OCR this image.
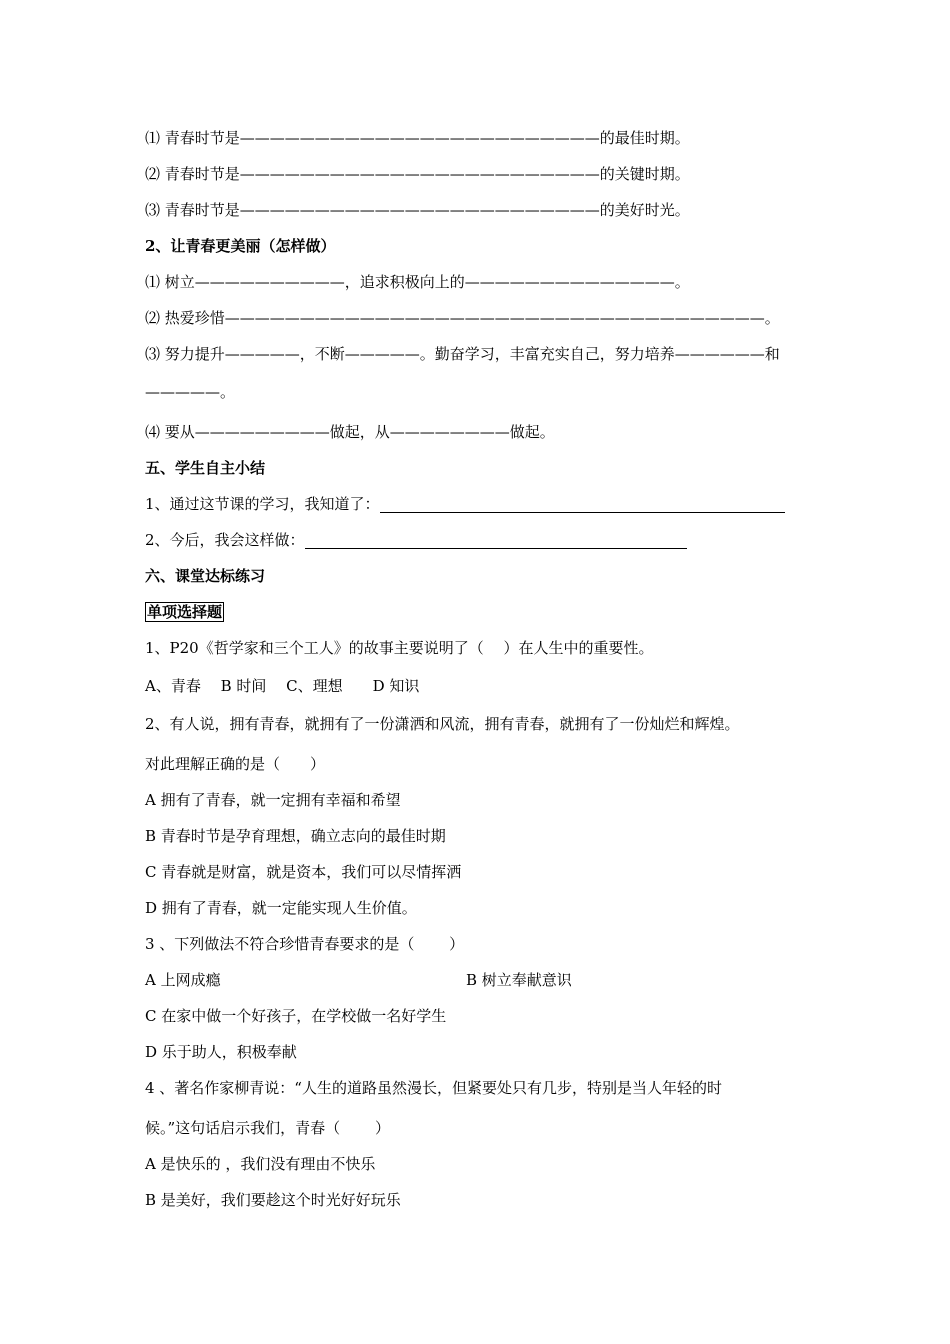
⑴ 青春时节是————————————————————————的最佳时期。
⑵ 青春时节是————————————————————————的关键时期。
⑶ 青春时节是————————————————————————的美好时光。
2、让青春更美丽（怎样做）
⑴ 树立——————————，追求积极向上的——————————————。
⑵ 热爱珍惜————————————————————————————————————。
⑶ 努力提升—————，不断—————。勤奋学习，丰富充实自己，努力培养——————和
—————。
⑷ 要从—————————做起，从————————做起。
五、学生自主小结
1、通过这节课的学习，我知道了：
2、今后，我会这样做：
六、课堂达标练习
单项选择题
1、P20《哲学家和三个工人》的故事主要说明了（　 ）在人生中的重要性。
A、青春　 B 时间　 C、理想　　D 知识
2、有人说，拥有青春，就拥有了一份潇洒和风流，拥有青春，就拥有了一份灿烂和辉煌。
对此理解正确的是（　　）
A 拥有了青春，就一定拥有幸福和希望
B 青春时节是孕育理想，确立志向的最佳时期
C 青春就是财富，就是资本，我们可以尽情挥洒
D 拥有了青春，就一定能实现人生价值。
3 、下列做法不符合珍惜青春要求的是（　　 ）
A 上网成瘾	B 树立奉献意识
C 在家中做一个好孩子，在学校做一名好学生
D 乐于助人，积极奉献
4 、著名作家柳青说：“人生的道路虽然漫长，但紧要处只有几步，特别是当人年轻的时
候。”这句话启示我们，青春（　　 ）
A 是快乐的 ，我们没有理由不快乐
B 是美好，我们要趁这个时光好好玩乐
